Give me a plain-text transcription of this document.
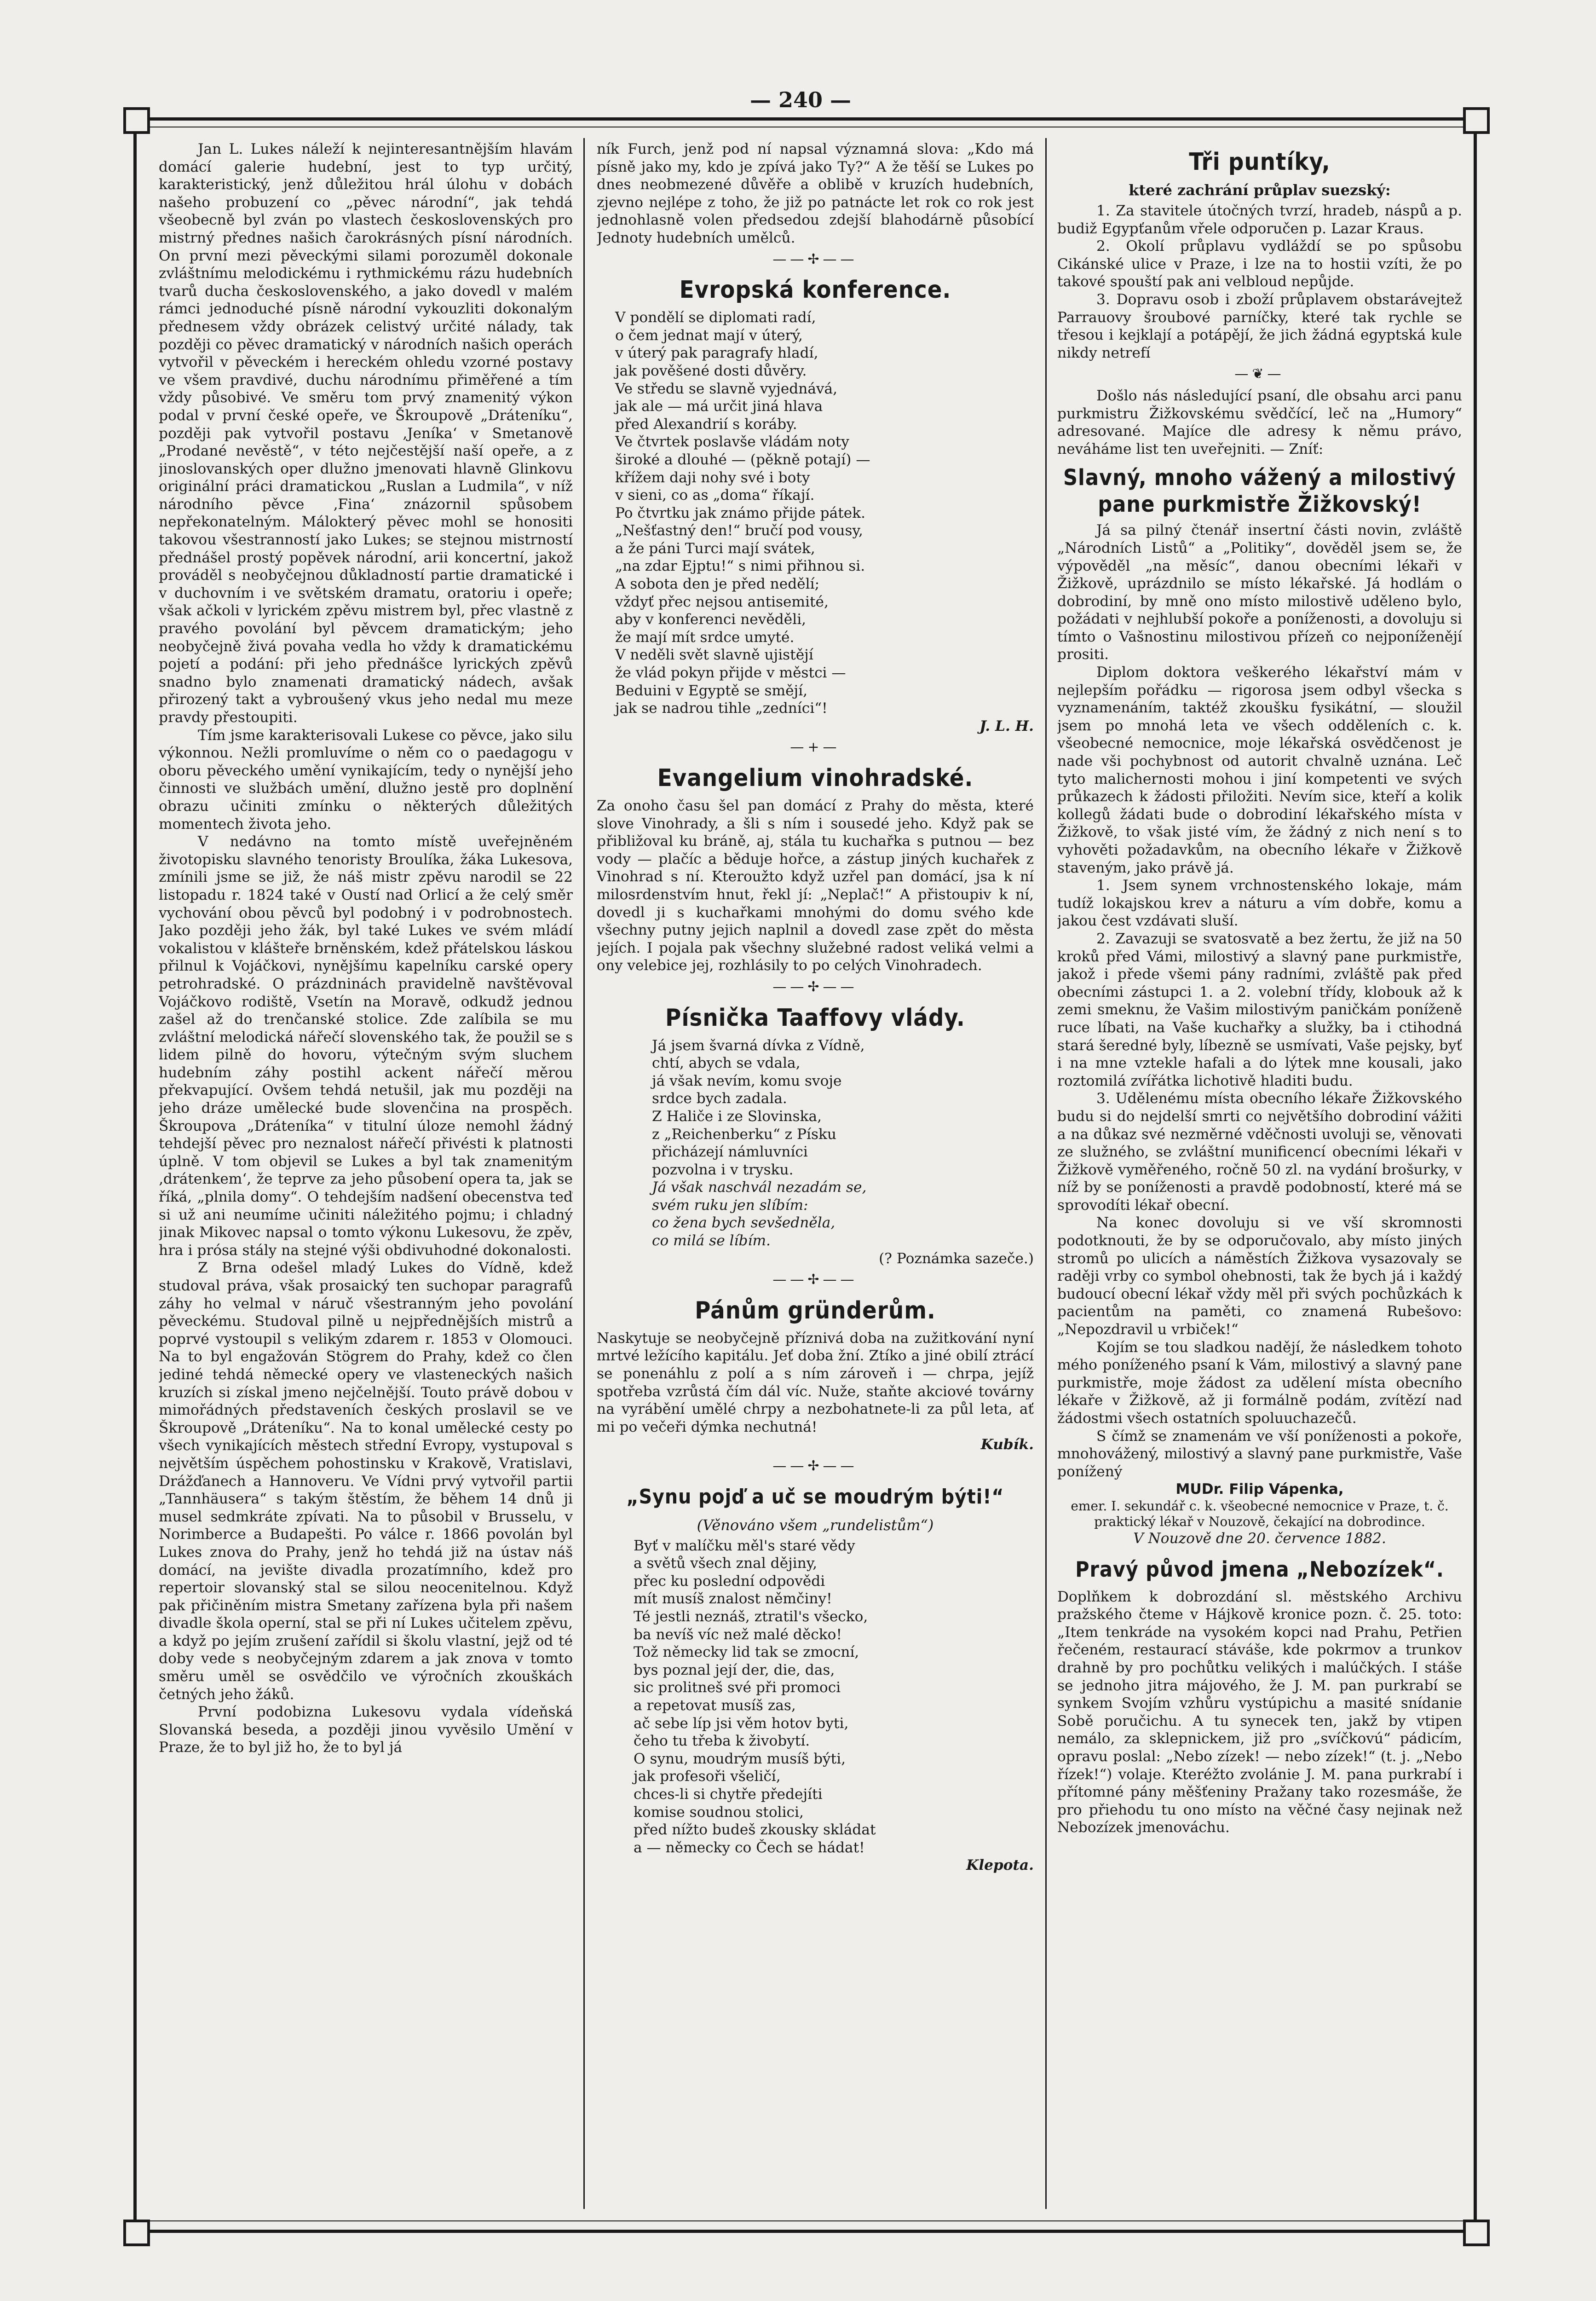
— 240 —

Jan L. Lukes náleží k nejinteresantnějším hlavám domácí galerie hudební, jest to typ určitý, karakteristický, jenž důležitou hrál úlohu v dobách našeho probuzení co „pěvec národní“, jak tehdá všeobecně byl zván po vlastech československých pro mistrný přednes našich čarokrásných písní národních. On první mezi pěveckými silami porozuměl dokonale zvláštnímu melodickému i rythmickému rázu hudebních tvarů ducha československého, a jako dovedl v malém rámci jednoduché písně národní vykouzliti dokonalým přednesem vždy obrázek celistvý určité nálady, tak později co pěvec dramatický v národních našich operách vytvořil v pěveckém i hereckém ohledu vzorné postavy ve všem pravdivé, duchu národnímu přiměřené a tím vždy působivé. Ve směru tom prvý znamenitý výkon podal v první české opeře, ve Škroupově „Dráteníku“, později pak vytvořil postavu ‚Jeníka‘ v Smetanově „Prodané nevěstě“, v této nejčestější naší opeře, a z jinoslovanských oper dlužno jmenovati hlavně Glinkovu originální práci dramatickou „Ruslan a Ludmila“, v níž národního pěvce ‚Fina‘ znázornil spůsobem nepřekonatelným. Málokterý pěvec mohl se honositi takovou všestranností jako Lukes; se stejnou mistrností přednášel prostý popěvek národní, arii koncertní, jakož prováděl s neobyčejnou důkladností partie dramatické i v duchovním i ve světském dramatu, oratoriu i opeře; však ačkoli v lyrickém zpěvu mistrem byl, přec vlastně z pravého povolání byl pěvcem dramatickým; jeho neobyčejně živá povaha vedla ho vždy k dramatickému pojetí a podání: při jeho přednášce lyrických zpěvů snadno bylo znamenati dramatický nádech, avšak přirozený takt a vybroušený vkus jeho nedal mu meze pravdy přestoupiti.

Tím jsme karakterisovali Lukese co pěvce, jako silu výkonnou. Nežli promluvíme o něm co o paedagogu v oboru pěveckého umění vynikajícím, tedy o nynější jeho činnosti ve službách umění, dlužno jestě pro doplnění obrazu učiniti zmínku o některých důležitých momentech života jeho.

V nedávno na tomto místě uveřejněném životopisku slavného tenoristy Broulíka, žáka Lukesova, zmínili jsme se již, že náš mistr zpěvu narodil se 22 listopadu r. 1824 také v Oustí nad Orlicí a že celý směr vychování obou pěvců byl podobný i v podrobnostech. Jako později jeho žák, byl také Lukes ve svém mládí vokalistou v klášteře brněnském, kdež přátelskou láskou přilnul k Vojáčkovi, nynějšímu kapelníku carské opery petrohradské. O prázdninách pravidelně navštěvoval Vojáčkovo rodiště, Vsetín na Moravě, odkudž jednou zašel až do trenčanské stolice. Zde zalíbila se mu zvláštní melodická nářečí slovenského tak, že použil se s lidem pilně do hovoru, výtečným svým sluchem hudebním záhy postihl ackent nářečí měrou překvapující. Ovšem tehdá netušil, jak mu později na jeho dráze umělecké bude slovenčina na prospěch. Škroupova „Dráteníka“ v titulní úloze nemohl žádný tehdejší pěvec pro neznalost nářečí přivésti k platnosti úplně. V tom objevil se Lukes a byl tak znamenitým ‚drátenkem‘, že teprve za jeho působení opera ta, jak se říká, „plnila domy“. O tehdejším nadšení obecenstva teď si už ani neumíme učiniti náležitého pojmu; i chladný jinak Mikovec napsal o tomto výkonu Lukesovu, že zpěv, hra i prósa stály na stejné výši obdivuhodné dokonalosti.

Z Brna odešel mladý Lukes do Vídně, kdež studoval práva, však prosaický ten suchopar paragrafů záhy ho velmal v náruč všestranným jeho povolání pěveckému. Studoval pilně u nejpřednějších mistrů a poprvé vystoupil s velikým zdarem r. 1853 v Olomouci. Na to byl engažován Stögrem do Prahy, kdež co člen jediné tehdá německé opery ve vlasteneckých našich kruzích si získal jmeno nejčelnější. Touto právě dobou v mimořádných představeních českých proslavil se ve Škroupově „Dráteníku“. Na to konal umělecké cesty po všech vynikajících městech střední Evropy, vystupoval s největším úspěchem pohostinsku v Krakově, Vratislavi, Drážďanech a Hannoveru. Ve Vídni prvý vytvořil partii „Tannhäusera“ s takým štěstím, že během 14 dnů ji musel sedmkráte zpívati. Na to působil v Brusselu, v Norimberce a Budapešti. Po válce r. 1866 povolán byl Lukes znova do Prahy, jenž ho tehdá již na ústav náš domácí, na jevište divadla prozatímního, kdež pro repertoir slovanský stal se silou neocenitelnou. Když pak přičiněním mistra Smetany zařízena byla při našem divadle škola operní, stal se při ní Lukes učitelem zpěvu, a když po jejím zrušení zařídil si školu vlastní, jejž od té doby vede s neobyčejným zdarem a jak znova v tomto směru uměl se osvědčilo ve výročních zkouškách četných jeho žáků.

První podobizna Lukesovu vydala vídeňská Slovanská beseda, a později jinou vyvěsilo Umění v Praze, že to byl již ho, že to byl já

ník Furch, jenž pod ní napsal významná slova: „Kdo má písně jako my, kdo je zpívá jako Ty?“ A že těší se Lukes po dnes neobmezené důvěře a oblibě v kruzích hudebních, zjevno nejlépe z toho, že již po patnácte let rok co rok jest jednohlasně volen předsedou zdejší blahodárně působící Jednoty hudebních umělců.

——✢——
Evropská konference.
V pondělí se diplomati radí,
o čem jednat mají v úterý,
v úterý pak paragrafy hladí,
jak pověšené dosti důvěry.
Ve středu se slavně vyjednává,
jak ale — má určit jiná hlava
před Alexandrií s koráby.
Ve čtvrtek poslavše vládám noty
široké a dlouhé — (pěkně potají) —
křížem daji nohy své i boty
v sieni, co as „doma“ říkají.
Po čtvrtku jak známo přijde pátek.
„Nešťastný den!“ bručí pod vousy,
a že páni Turci mají svátek,
„na zdar Ejptu!“ s nimi přihnou si.
A sobota den je před nedělí;
vždyť přec nejsou antisemité,
aby v konferenci nevěděli,
že mají mít srdce umyté.
V neděli svět slavně ujistějí
že vlád pokyn přijde v městci —
Beduini v Egyptě se smějí,
jak se nadrou tihle „zedníci“!
J. L. H.
—+—
Evangelium vinohradské.

Za onoho času šel pan domácí z Prahy do města, které slove Vinohrady, a šli s ním i sousedé jeho. Když pak se přibližoval ku bráně, aj, stála tu kuchařka s putnou — bez vody — plačíc a běduje hořce, a zástup jiných kuchařek z Vinohrad s ní. Kteroužto když uzřel pan domácí, jsa k ní milosrdenstvím hnut, řekl jí: „Neplač!“ A přistoupiv k ní, dovedl ji s kuchařkami mnohými do domu svého kde všechny putny jejich naplnil a dovedl zase zpět do města jejích. I pojala pak všechny služebné radost veliká velmi a ony velebice jej, rozhlásily to po celých Vinohradech.

——✢——
Písnička Taaffovy vlády.
Já jsem švarná dívka z Vídně,
chtí, abych se vdala,
já však nevím, komu svoje
srdce bych zadala.
Z Haliče i ze Slovinska,
z „Reichenberku“ z Písku
přicházejí námluvníci
pozvolna i v trysku.
Já však naschvál nezadám se,
svém ruku jen slíbím:
co žena bych sevšedněla,
co milá se líbím.
(? Poznámka sazeče.)
——✢——
Pánům gründerům.

Naskytuje se neobyčejně příznivá doba na zužitkování nyní mrtvé ležícího kapitálu. Jeť doba žní. Ztíko a jiné obilí ztrácí se ponenáhlu z polí a s ním zároveň i — chrpa, jejíž spotřeba vzrůstá čím dál víc. Nuže, staňte akciové továrny na vyrábění umělé chrpy a nezbohatnete-li za půl leta, ať mi po večeři dýmka nechutná!

Kubík.
——✢——
„Synu pojď a uč se moudrým býti!“
(Věnováno všem „rundelistům“)
Byť v malíčku měl's staré vědy
a světů všech znal dějiny,
přec ku poslední odpovědi
mít musíš znalost němčiny!
Té jestli neznáš, ztratil's všecko,
ba nevíš víc než malé děcko!
Tož německy lid tak se zmocní,
bys poznal její der, die, das,
sic prolitneš své při promoci
a repetovat musíš zas,
ač sebe líp jsi věm hotov byti,
čeho tu třeba k živobytí.
O synu, moudrým musíš býti,
jak profesoři všeličí,
chces-li si chytře předejíti
komise soudnou stolici,
před nížto budeš zkousky skládat
a — německy co Čech se hádat!
Klepota.
Tři puntíky,
které zachrání průplav suezský:

1. Za stavitele útočných tvrzí, hradeb, náspů a p. budiž Egypťanům vřele odporučen p. Lazar Kraus.

2. Okolí průplavu vydláždí se po spůsobu Cikánské ulice v Praze, i lze na to hostii vzíti, že po takové spouští pak ani velbloud nepůjde.

3. Dopravu osob i zboží průplavem obstarávejtež Parrauovy šroubové parníčky, které tak rychle se třesou i kejklají a potápějí, že jich žádná egyptská kule nikdy netrefí

—❦—

Došlo nás následující psaní, dle obsahu arci panu purkmistru Žižkovskému svědčící, leč na „Humory“ adresované. Majíce dle adresy k němu právo, neváháme list ten uveřejniti. — Zníť:

Slavný, mnoho vážený a milostivý pane purkmistře Žižkovský!

Já sa pilný čtenář insertní části novin, zvláště „Národních Listů“ a „Politiky“, dověděl jsem se, že výpověděl „na měsíc“, danou obecními lékaři v Žižkově, uprázdnilo se místo lékařské. Já hodlám o dobrodiní, by mně ono místo milostivě uděleno bylo, požádati v nejhlubší pokoře a poníženosti, a dovoluju si tímto o Vašnostinu milostivou přízeň co nejponíženějí prositi.

Diplom doktora veškerého lékařství mám v nejlepším pořádku — rigorosa jsem odbyl všecka s vyznamenáním, taktéž zkoušku fysikátní, — sloužil jsem po mnohá leta ve všech odděleních c. k. všeobecné nemocnice, moje lékařská osvědčenost je nade vši pochybnost od autorit chvalně uznána. Leč tyto malichernosti mohou i jiní kompetenti ve svých průkazech k žádosti přiložiti. Nevím sice, kteří a kolik kollegů žádati bude o dobrodiní lékařského místa v Žižkově, to však jisté vím, že žádný z nich není s to vyhověti požadavkům, na obecního lékaře v Žižkově staveným, jako právě já.

1. Jsem synem vrchnostenského lokaje, mám tudíž lokajskou krev a náturu a vím dobře, komu a jakou čest vzdávati sluší.

2. Zavazuji se svatosvatě a bez žertu, že již na 50 kroků před Vámi, milostivý a slavný pane purkmistře, jakož i přede všemi pány radními, zvláště pak před obecními zástupci 1. a 2. volební třídy, klobouk až k zemi smeknu, že Vašim milostivým paničkám poníženě ruce líbati, na Vaše kuchařky a služky, ba i ctihodná stará šeredné byly, líbezně se usmívati, Vaše pejsky, byť i na mne vztekle hafali a do lýtek mne kousali, jako roztomilá zvířátka lichotivě hladiti budu.

3. Udělenému místa obecního lékaře Žižkovského budu si do nejdelší smrti co největšího dobrodiní vážiti a na důkaz své nezměrné vděčnosti uvoluji se, věnovati ze služného, se zvláštní munificencí obecními lékaři v Žižkově vyměřeného, ročně 50 zl. na vydání brošurky, v níž by se poníženosti a pravdě podobností, které má se sprovodíti lékař obecní.

Na konec dovoluju si ve vší skromnosti podotknouti, že by se odporučovalo, aby místo jiných stromů po ulicích a náměstích Žižkova vysazovaly se raději vrby co symbol ohebnosti, tak že bych já i každý budoucí obecní lékař vždy měl při svých pochůzkách k pacientům na paměti, co znamená Rubešovo: „Nepozdravil u vrbiček!“

Kojím se tou sladkou nadějí, že následkem tohoto mého poníženého psaní k Vám, milostivý a slavný pane purkmistře, moje žádost za udělení místa obecního lékaře v Žižkově, až ji formálně podám, zvítězí nad žádostmi všech ostatních spoluuchazečů.

S čímž se znamenám ve vší poníženosti a pokoře, mnohovážený, milostivý a slavný pane purkmistře, Vaše ponížený

MUDr. Filip Vápenka,
emer. I. sekundář c. k. všeobecné nemocnice v Praze, t. č. praktický lékař v Nouzově, čekající na dobrodince.
V Nouzově dne 20. července 1882.
Pravý původ jmena „Nebozízek“.

Doplňkem k dobrozdání sl. městského Archivu pražského čteme v Hájkově kronice pozn. č. 25. toto: „Item tenkráde na vysokém kopci nad Prahu, Petřien řečeném, restaurací stáváše, kde pokrmov a trunkov drahně by pro pochůtku velikých i malúčkých. I stáše se jednoho jitra májového, že J. M. pan purkrabí se synkem Svojím vzhůru vystúpichu a masité snídanie Sobě poručichu. A tu synecek ten, jakž by vtipen nemálo, za sklepnickem, již pro „svíčkovú“ pádicím, opravu poslal: „Nebo zízek! — nebo zízek!“ (t. j. „Nebo řízek!“) volaje. Kteréžto zvolánie J. M. pana purkrabí i přítomné pány měšťeniny Pražany tako rozesmáše, že pro přiehodu tu ono místo na věčné časy nejinak než Nebozízek jmenováchu.
